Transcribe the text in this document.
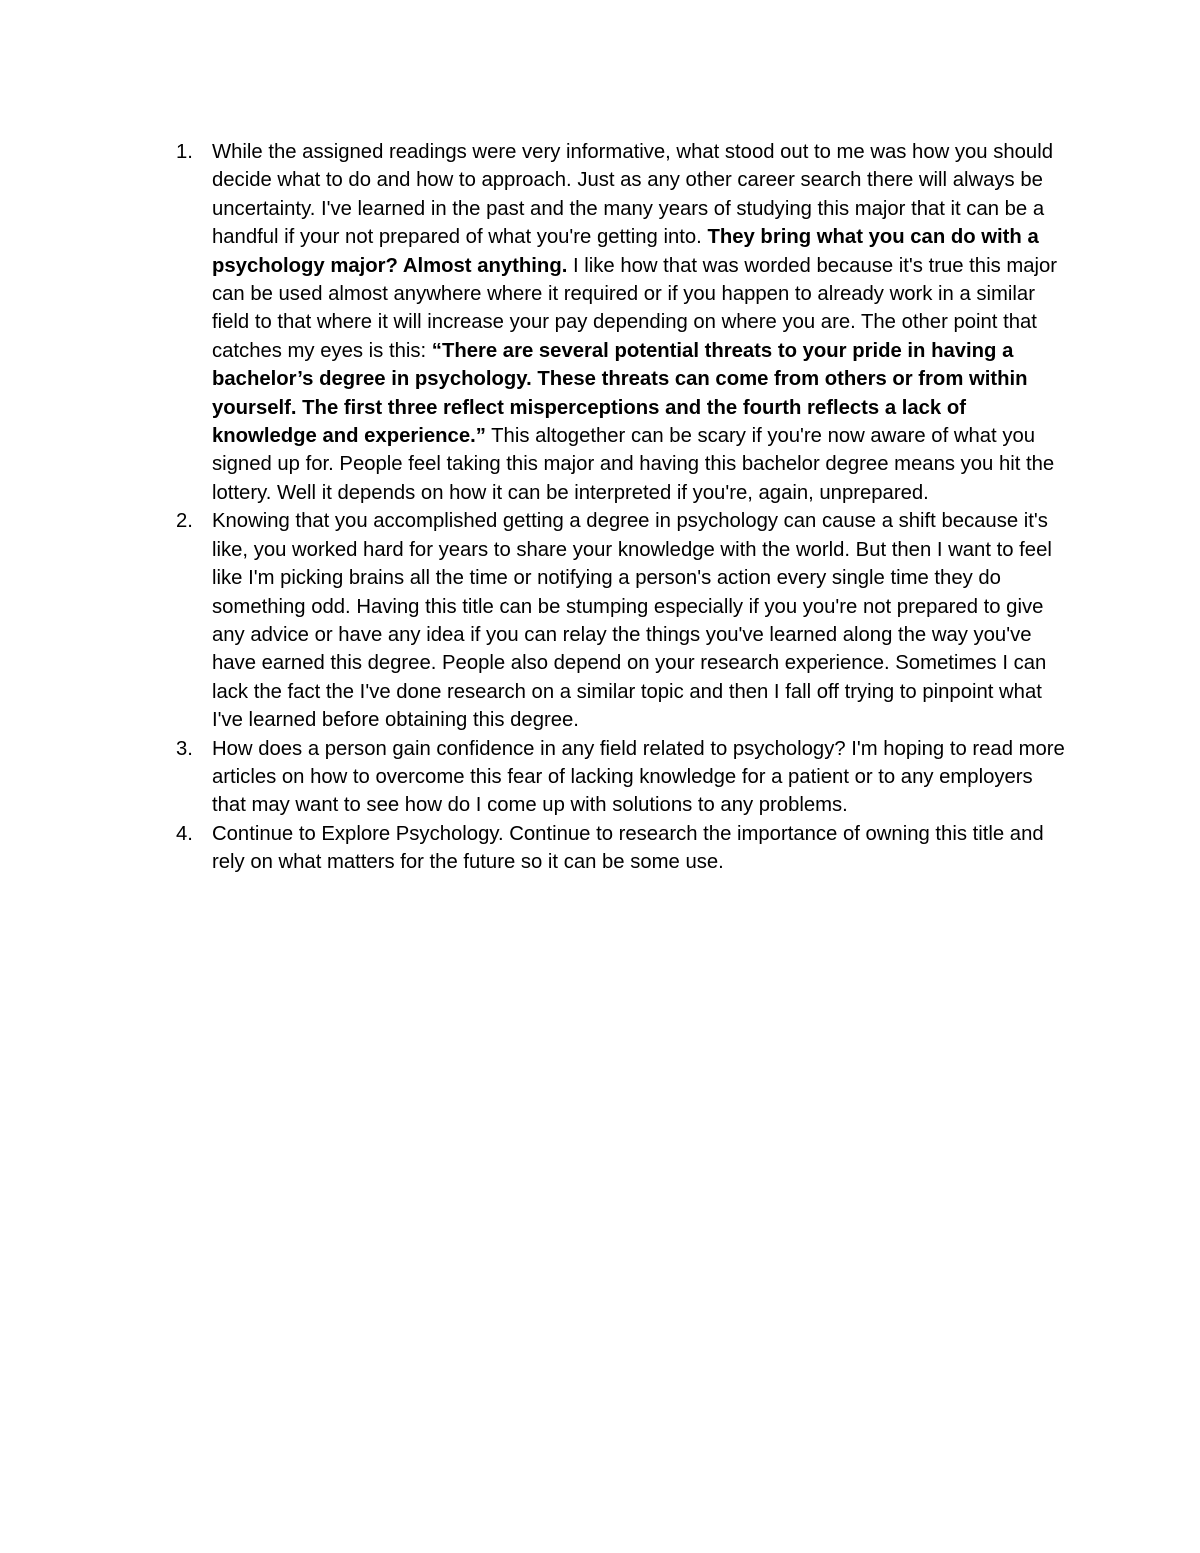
1. While the assigned readings were very informative, what stood out to me was how you should decide what to do and how to approach. Just as any other career search there will always be uncertainty. I've learned in the past and the many years of studying this major that it can be a handful if your not prepared of what you're getting into. They bring what you can do with a psychology major? Almost anything. I like how that was worded because it's true this major can be used almost anywhere where it required or if you happen to already work in a similar field to that where it will increase your pay depending on where you are. The other point that catches my eyes is this: “There are several potential threats to your pride in having a bachelor’s degree in psychology. These threats can come from others or from within yourself. The first three reflect misperceptions and the fourth reflects a lack of knowledge and experience.” This altogether can be scary if you're now aware of what you signed up for. People feel taking this major and having this bachelor degree means you hit the lottery. Well it depends on how it can be interpreted if you're, again, unprepared.
2. Knowing that you accomplished getting a degree in psychology can cause a shift because it's like, you worked hard for years to share your knowledge with the world. But then I want to feel like I'm picking brains all the time or notifying a person's action every single time they do something odd. Having this title can be stumping especially if you you're not prepared to give any advice or have any idea if you can relay the things you've learned along the way you've have earned this degree. People also depend on your research experience. Sometimes I can lack the fact the I've done research on a similar topic and then I fall off trying to pinpoint what I've learned before obtaining this degree.
3. How does a person gain confidence in any field related to psychology? I'm hoping to read more articles on how to overcome this fear of lacking knowledge for a patient or to any employers that may want to see how do I come up with solutions to any problems.
4. Continue to Explore Psychology. Continue to research the importance of owning this title and rely on what matters for the future so it can be some use.
